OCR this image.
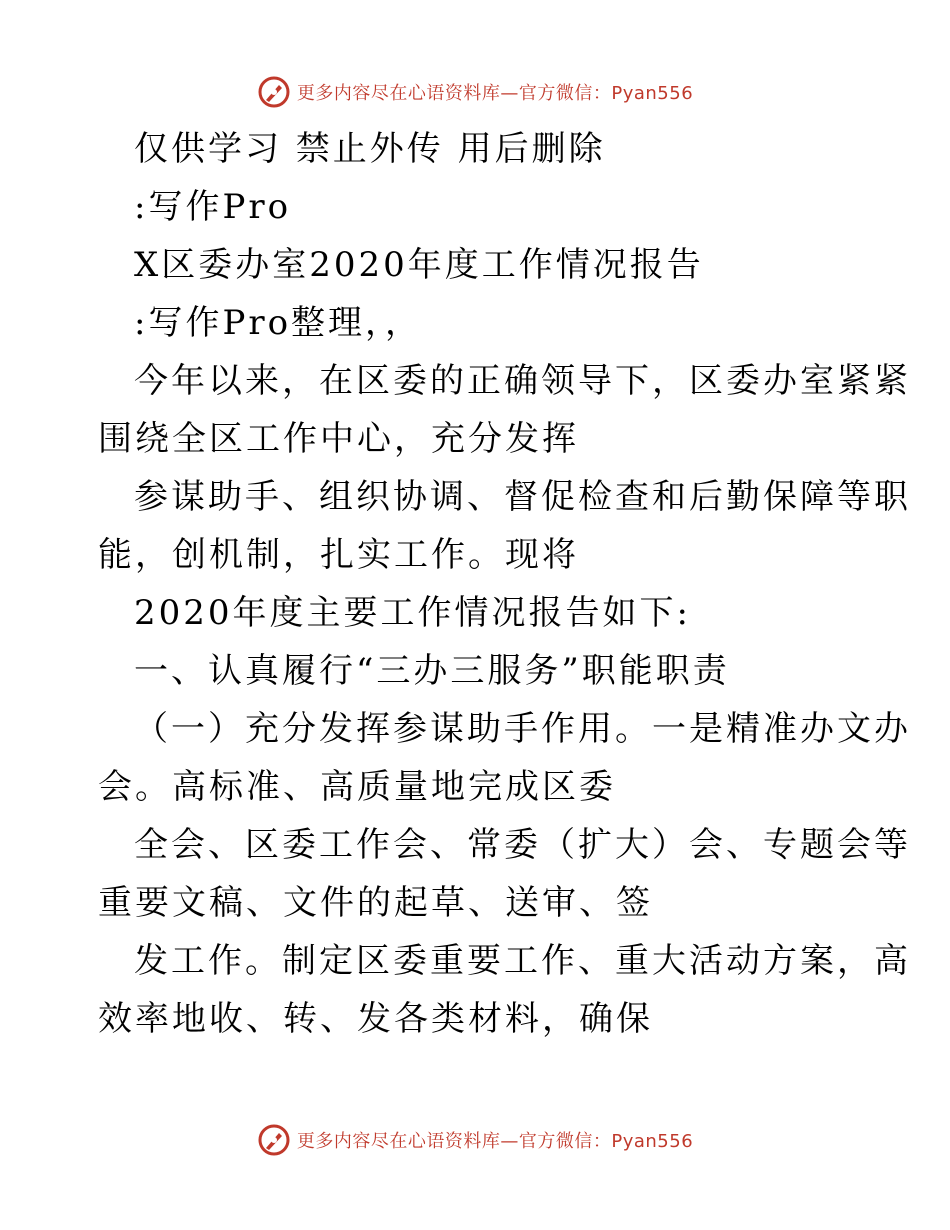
更多内容尽在心语资料库—官方微信：Pyan556
仅供学习 禁止外传 用后删除
:写作Pro
X区委办室2020年度工作情况报告
:写作Pro整理，，
今年以来，在区委的正确领导下，区委办室紧紧
围绕全区工作中心，充分发挥
参谋助手、组织协调、督促检查和后勤保障等职
能，创机制，扎实工作。现将
2020年度主要工作情况报告如下:
一、认真履行“三办三服务”职能职责
（一）充分发挥参谋助手作用。一是精准办文办
会。高标准、高质量地完成区委
全会、区委工作会、常委（扩大）会、专题会等
重要文稿、文件的起草、送审、签
发工作。制定区委重要工作、重大活动方案，高
效率地收、转、发各类材料，确保
更多内容尽在心语资料库—官方微信：Pyan556
